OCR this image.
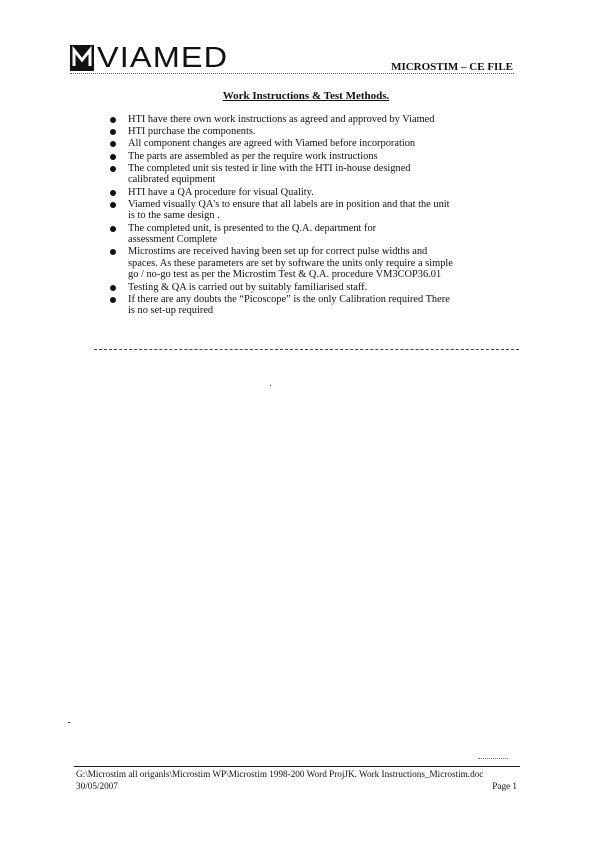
VIAMED	MICROSTIM – CE FILE
Work Instructions & Test Methods.
HTI have there own work instructions as agreed and approved by Viamed
HTI purchase the components.
All component changes are agreed with Viamed before incorporation
The parts are assembled as per the require work instructions
The completed unit sis tested ir line with the HTI in-house designed
calibrated equipment
HTI have a QA procedure for visual Quality.
Viamed visually QA's to ensure that all labels are in position and that the unit
is to the same design .
The completed unit, is presented to the Q.A. department for
assessment Complete
Microstims are received having been set up for correct pulse widths and
spaces. As these parameters are set by software the units only require a simple
go / no-go test as per the Microstim Test & Q.A. procedure VM3COP36.01
Testing & QA is carried out by suitably familiarised staff.
If there are any doubts the “Picoscope” is the only Calibration required There
is no set-up required
G:\Microstim all origanls\Microstim WP\Microstim 1998-200 Word ProjJK. Work Instructions_Microstim.doc
30/05/2007	Page 1
